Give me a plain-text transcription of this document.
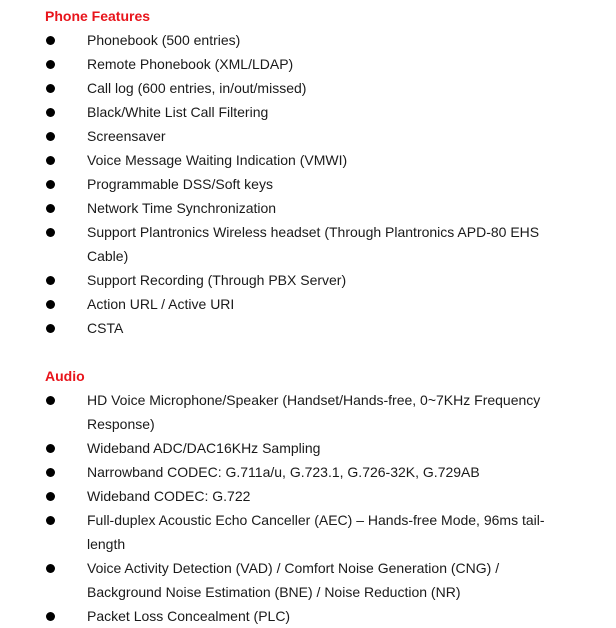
Phone Features
Phonebook (500 entries)
Remote Phonebook (XML/LDAP)
Call log (600 entries, in/out/missed)
Black/White List Call Filtering
Screensaver
Voice Message Waiting Indication (VMWI)
Programmable DSS/Soft keys
Network Time Synchronization
Support Plantronics Wireless headset (Through Plantronics APD-80 EHS Cable)
Support Recording (Through PBX Server)
Action URL / Active URI
CSTA
Audio
HD Voice Microphone/Speaker (Handset/Hands-free, 0~7KHz Frequency Response)
Wideband ADC/DAC16KHz Sampling
Narrowband CODEC: G.711a/u, G.723.1, G.726-32K, G.729AB
Wideband CODEC: G.722
Full-duplex Acoustic Echo Canceller (AEC) – Hands-free Mode, 96ms tail-length
Voice Activity Detection (VAD) / Comfort Noise Generation (CNG) / Background Noise Estimation (BNE) / Noise Reduction (NR)
Packet Loss Concealment (PLC)
